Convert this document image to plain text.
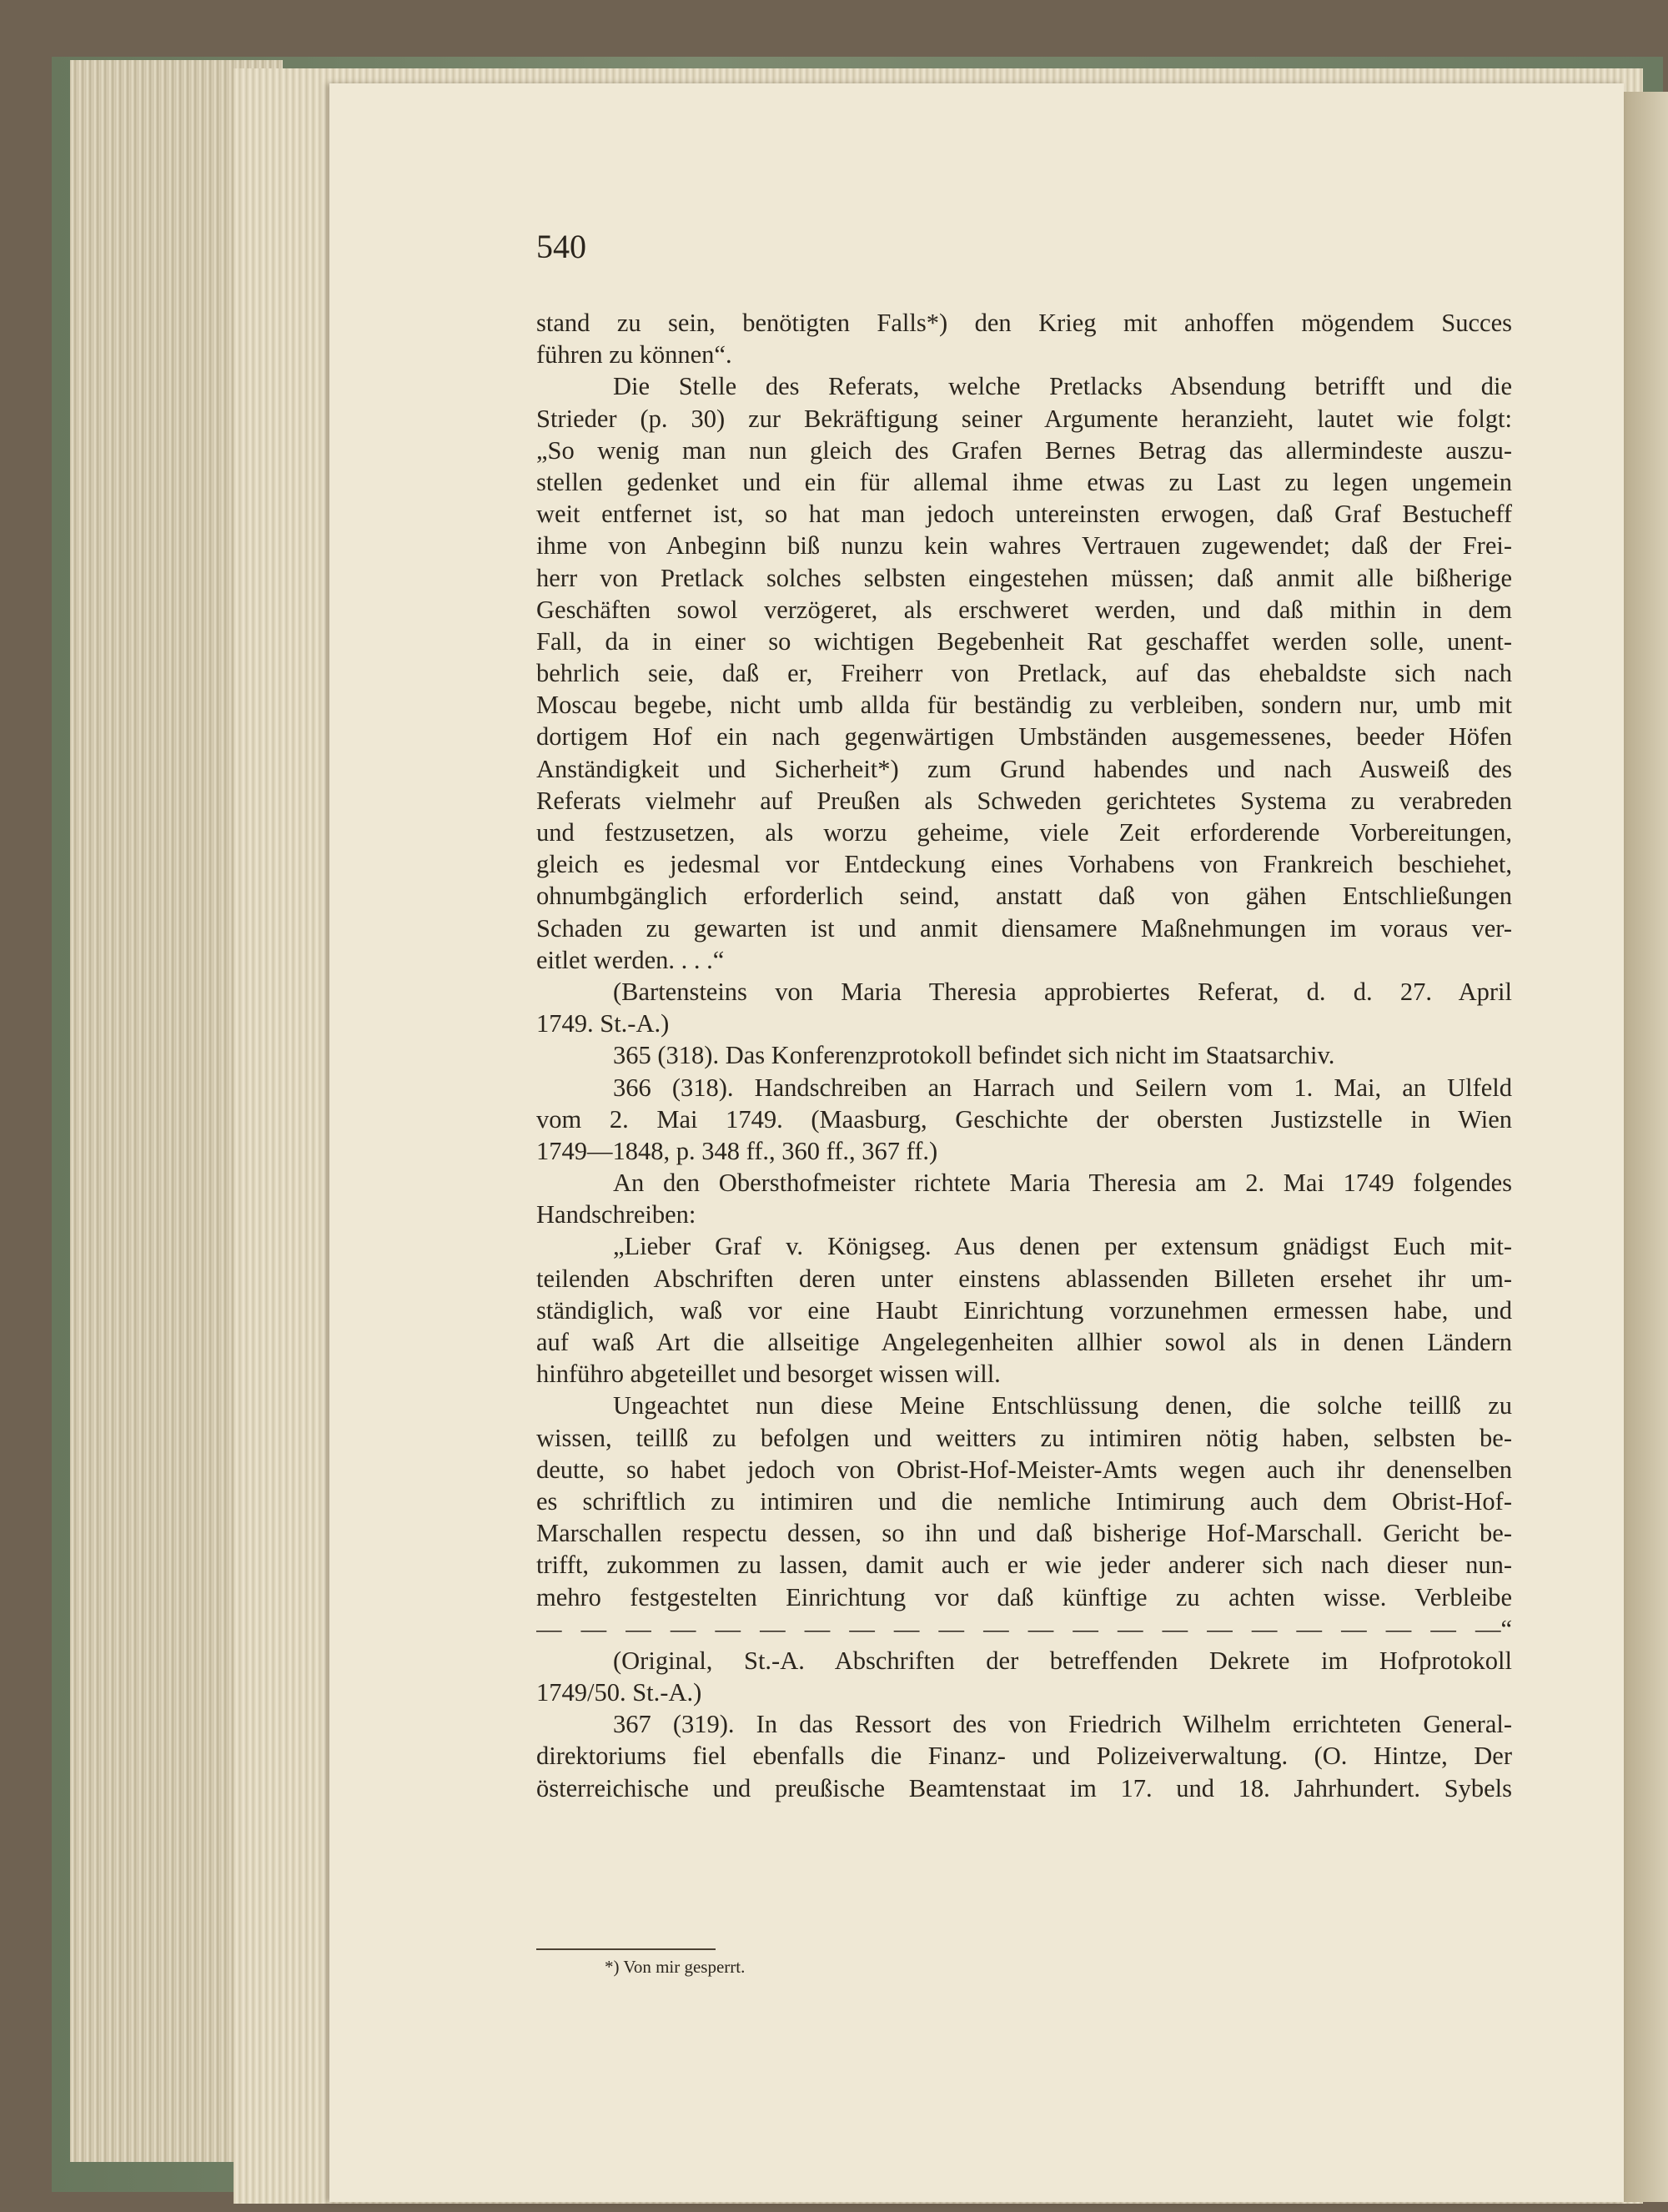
540
stand zu sein, benötigten Falls*) den Krieg mit anhoffen mögendem Succes
führen zu können“.
Die Stelle des Referats, welche Pretlacks Absendung betrifft und die
Strieder (p. 30) zur Bekräftigung seiner Argumente heranzieht, lautet wie folgt:
„So wenig man nun gleich des Grafen Bernes Betrag das allermindeste auszu-
stellen gedenket und ein für allemal ihme etwas zu Last zu legen ungemein
weit entfernet ist, so hat man jedoch untereinsten erwogen, daß Graf Bestucheff
ihme von Anbeginn biß nunzu kein wahres Vertrauen zugewendet; daß der Frei-
herr von Pretlack solches selbsten eingestehen müssen; daß anmit alle bißherige
Geschäften sowol verzögeret, als erschweret werden, und daß mithin in dem
Fall, da in einer so wichtigen Begebenheit Rat geschaffet werden solle, unent-
behrlich seie, daß er, Freiherr von Pretlack, auf das ehebaldste sich nach
Moscau begebe, nicht umb allda für beständig zu verbleiben, sondern nur, umb mit
dortigem Hof ein nach gegenwärtigen Umbständen ausgemessenes, beeder Höfen
Anständigkeit und Sicherheit*) zum Grund habendes und nach Ausweiß des
Referats vielmehr auf Preußen als Schweden gerichtetes Systema zu verabreden
und festzusetzen, als worzu geheime, viele Zeit erforderende Vorbereitungen,
gleich es jedesmal vor Entdeckung eines Vorhabens von Frankreich beschiehet,
ohnumbgänglich erforderlich seind, anstatt daß von gähen Entschließungen
Schaden zu gewarten ist und anmit diensamere Maßnehmungen im voraus ver-
eitlet werden. . . .“
(Bartensteins von Maria Theresia approbiertes Referat, d. d. 27. April
1749. St.-A.)
365 (318). Das Konferenzprotokoll befindet sich nicht im Staatsarchiv.
366 (318). Handschreiben an Harrach und Seilern vom 1. Mai, an Ulfeld
vom 2. Mai 1749. (Maasburg, Geschichte der obersten Justizstelle in Wien
1749—1848, p. 348 ff., 360 ff., 367 ff.)
An den Obersthofmeister richtete Maria Theresia am 2. Mai 1749 folgendes
Handschreiben:
„Lieber Graf v. Königseg. Aus denen per extensum gnädigst Euch mit-
teilenden Abschriften deren unter einstens ablassenden Billeten ersehet ihr um-
ständiglich, waß vor eine Haubt Einrichtung vorzunehmen ermessen habe, und
auf waß Art die allseitige Angelegenheiten allhier sowol als in denen Ländern
hinführo abgeteillet und besorget wissen will.
Ungeachtet nun diese Meine Entschlüssung denen, die solche teillß zu
wissen, teillß zu befolgen und weitters zu intimiren nötig haben, selbsten be-
deutte, so habet jedoch von Obrist-Hof-Meister-Amts wegen auch ihr denenselben
es schriftlich zu intimiren und die nemliche Intimirung auch dem Obrist-Hof-
Marschallen respectu dessen, so ihn und daß bisherige Hof-Marschall. Gericht be-
trifft, zukommen zu lassen, damit auch er wie jeder anderer sich nach dieser nun-
mehro festgestelten Einrichtung vor daß künftige zu achten wisse. Verbleibe
— — — — — — — — — — — — — — — — — — — — — —“
(Original, St.-A. Abschriften der betreffenden Dekrete im Hofprotokoll
1749/50. St.-A.)
367 (319). In das Ressort des von Friedrich Wilhelm errichteten General-
direktoriums fiel ebenfalls die Finanz- und Polizeiverwaltung. (O. Hintze, Der
österreichische und preußische Beamtenstaat im 17. und 18. Jahrhundert. Sybels
*) Von mir gesperrt.
